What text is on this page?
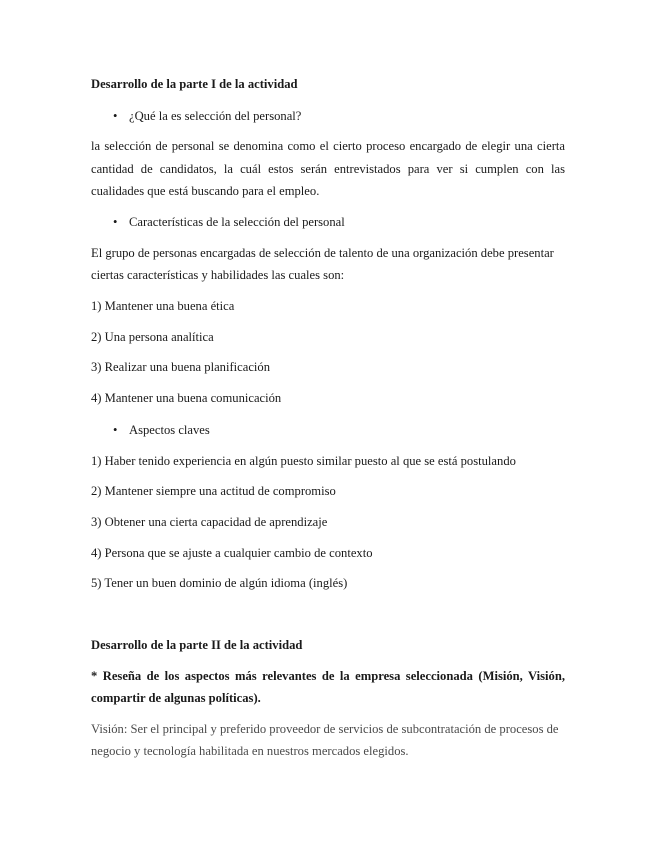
Desarrollo de la parte I de la actividad
• ¿Qué la es selección del personal?
la selección de personal se denomina como el cierto proceso encargado de elegir una cierta
cantidad de candidatos, la cuál estos serán entrevistados para ver si cumplen con las
cualidades que está buscando para el empleo.
• Características de la selección del personal
El grupo de personas encargadas de selección de talento de una organización debe presentar
ciertas características y habilidades las cuales son:
1) Mantener una buena ética
2) Una persona analítica
3) Realizar una buena planificación
4) Mantener una buena comunicación
• Aspectos claves
1) Haber tenido experiencia en algún puesto similar puesto al que se está postulando
2) Mantener siempre una actitud de compromiso
3) Obtener una cierta capacidad de aprendizaje
4) Persona que se ajuste a cualquier cambio de contexto
5) Tener un buen dominio de algún idioma (inglés)
Desarrollo de la parte II de la actividad
* Reseña de los aspectos más relevantes de la empresa seleccionada (Misión, Visión,
compartir de algunas políticas).
Visión: Ser el principal y preferido proveedor de servicios de subcontratación de procesos de
negocio y tecnología habilitada en nuestros mercados elegidos.
